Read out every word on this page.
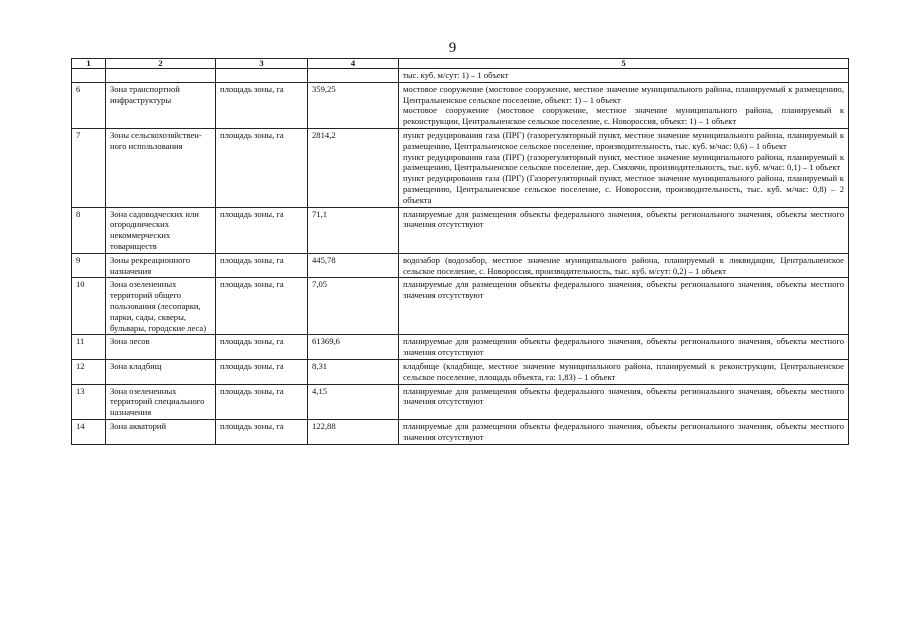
9
1	2	3	4	5

				тыс. куб. м/сут: 1) – 1 объект

6	Зона транспортной инфраструктуры	площадь зоны, га	359,25	мостовое сооружение (мостовое сооружение, местное значение муниципального района, планируемый к размещению, Центральненское сельское поселение, объект: 1) – 1 объект
мостовое сооружение (мостовое сооружение, местное значение муниципального района, планируемый к реконструкции, Центральненское сельское поселение, с. Новороссия, объект: 1) – 1 объект

7	Зоны сельскохозяйствен-ного использования	площадь зоны, га	2814,2	пункт редуцирования газа (ПРГ) (газорегуляторный пункт, местное значение муниципального района, планируемый к размещению, Центральненское сельское поселение, производительность, тыс. куб. м/час: 0,6) – 1 объект
пункт редуцирования газа (ПРГ) (газорегуляторный пункт, местное значение муниципального района, планируемый к размещению, Центральненское сельское поселение, дер. Смялячи, производительность, тыс. куб. м/час: 0,1) – 1 объект
пункт редуцирования газа (ПРГ) (Газорегуляторный пункт, местное значение муниципального района, планируемый к размещению, Центральненское сельское поселение, с. Новороссия, производительность, тыс. куб. м/час: 0,8) – 2 объекта

8	Зона садоводческих или огороднических некоммерческих товариществ	площадь зоны, га	71,1	планируемые для размещения объекты федерального значения, объекты регионального значения, объекты местного значения отсутствуют

9	Зоны рекреационного назначения	площадь зоны, га	445,78	водозабор (водозабор, местное значение муниципального района, планируемый к ликвидации, Центральненское сельское поселение, с. Новороссия, производительность, тыс. куб. м/сут: 0,2) – 1 объект

10	Зона озелененных территорий общего пользования (лесопарки, парки, сады, скверы, бульвары, городские леса)	площадь зоны, га	7,05	планируемые для размещения объекты федерального значения, объекты регионального значения, объекты местного значения отсутствуют

11	Зона лесов	площадь зоны, га	61369,6	планируемые для размещения объекты федерального значения, объекты регионального значения, объекты местного значения отсутствуют

12	Зона кладбищ	площадь зоны, га	8,31	кладбище (кладбище, местное значение муниципального района, планируемый к реконструкции, Центральненское сельское поселение, площадь объекта, га: 1,83) – 1 объект

13	Зона озелененных территорий специального назначения	площадь зоны, га	4,15	планируемые для размещения объекты федерального значения, объекты регионального значения, объекты местного значения отсутствуют

14	Зона акваторий	площадь зоны, га	122,88	планируемые для размещения объекты федерального значения, объекты регионального значения, объекты местного значения отсутствуют
